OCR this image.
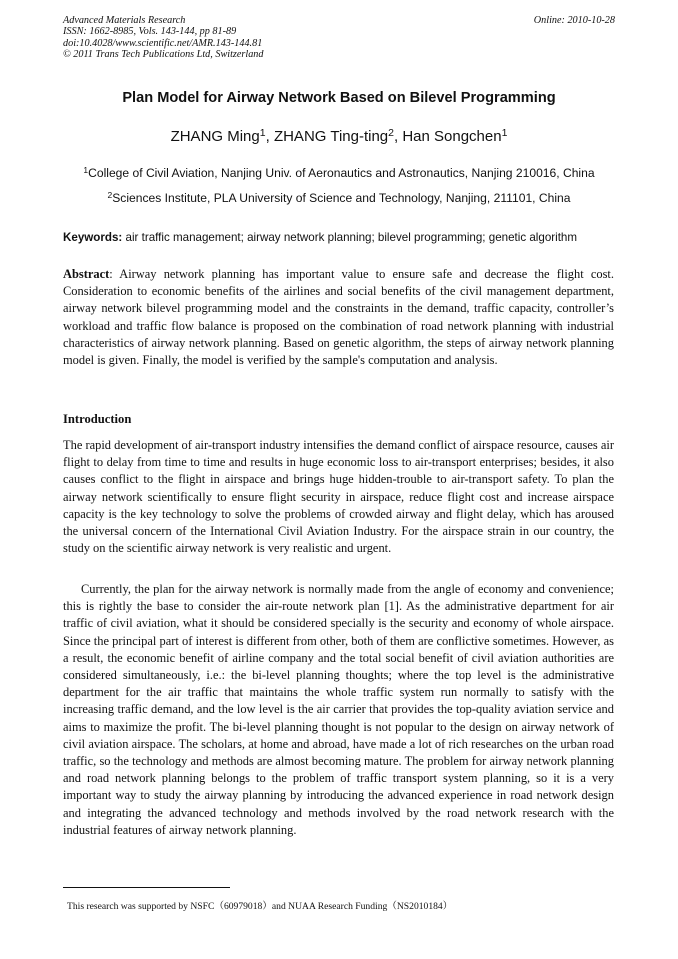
Advanced Materials Research
ISSN: 1662-8985, Vols. 143-144, pp 81-89
doi:10.4028/www.scientific.net/AMR.143-144.81
© 2011 Trans Tech Publications Ltd, Switzerland
Online: 2010-10-28
Plan Model for Airway Network Based on Bilevel Programming
ZHANG Ming$^1$, ZHANG Ting-ting$^2$, Han Songchen$^1$
$^1$College of Civil Aviation, Nanjing Univ. of Aeronautics and Astronautics, Nanjing 210016, China
$^2$Sciences Institute, PLA University of Science and Technology, Nanjing, 211101, China
Keywords: air traffic management; airway network planning; bilevel programming; genetic algorithm
Abstract: Airway network planning has important value to ensure safe and decrease the flight cost. Consideration to economic benefits of the airlines and social benefits of the civil management department, airway network bilevel programming model and the constraints in the demand, traffic capacity, controller’s workload and traffic flow balance is proposed on the combination of road network planning with industrial characteristics of airway network planning. Based on genetic algorithm, the steps of airway network planning model is given. Finally, the model is verified by the sample's computation and analysis.
Introduction
The rapid development of air-transport industry intensifies the demand conflict of airspace resource, causes air flight to delay from time to time and results in huge economic loss to air-transport enterprises; besides, it also causes conflict to the flight in airspace and brings huge hidden-trouble to air-transport safety. To plan the airway network scientifically to ensure flight security in airspace, reduce flight cost and increase airspace capacity is the key technology to solve the problems of crowded airway and flight delay, which has aroused the universal concern of the International Civil Aviation Industry. For the airspace strain in our country, the study on the scientific airway network is very realistic and urgent.
Currently, the plan for the airway network is normally made from the angle of economy and convenience; this is rightly the base to consider the air-route network plan [1]. As the administrative department for air traffic of civil aviation, what it should be considered specially is the security and economy of whole airspace. Since the principal part of interest is different from other, both of them are conflictive sometimes. However, as a result, the economic benefit of airline company and the total social benefit of civil aviation authorities are considered simultaneously, i.e.: the bi-level planning thoughts; where the top level is the administrative department for the air traffic that maintains the whole traffic system run normally to satisfy with the increasing traffic demand, and the low level is the air carrier that provides the top-quality aviation service and aims to maximize the profit. The bi-level planning thought is not popular to the design on airway network of civil aviation airspace. The scholars, at home and abroad, have made a lot of rich researches on the urban road traffic, so the technology and methods are almost becoming mature. The problem for airway network planning and road network planning belongs to the problem of traffic transport system planning, so it is a very important way to study the airway planning by introducing the advanced experience in road network design and integrating the advanced technology and methods involved by the road network research with the industrial features of airway network planning.
This research was supported by NSFC（60979018）and NUAA Research Funding（NS2010184）
